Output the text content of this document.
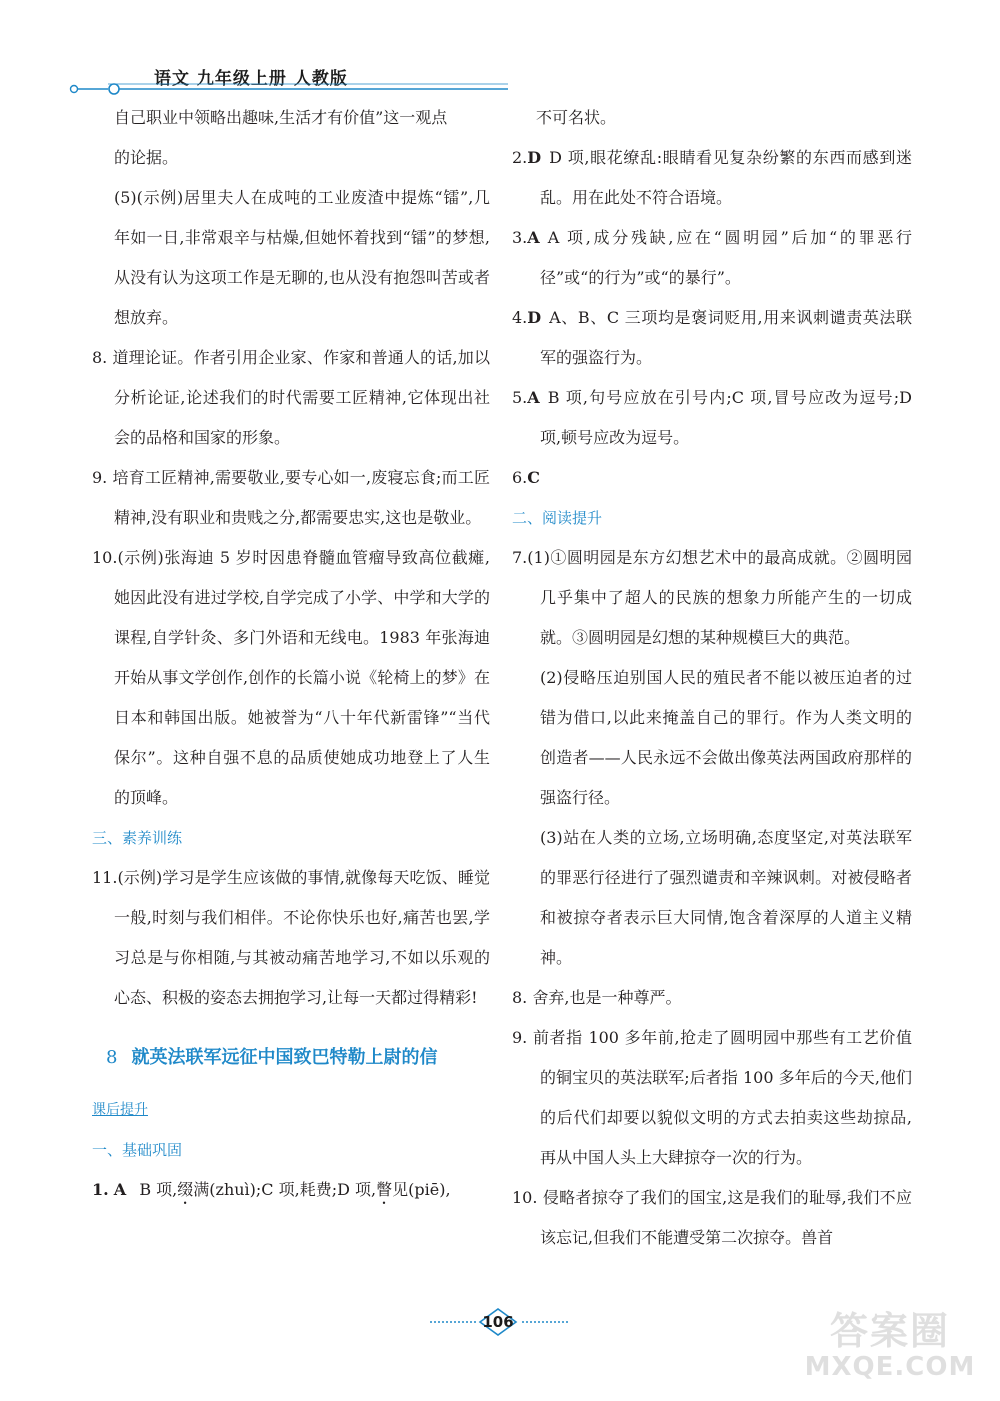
语文 九年级上册 人教版

自己职业中领略出趣味,生活才有价值”这一观点

的论据。

(5)(示例)居里夫人在成吨的工业废渣中提炼“镭”,几年如一日,非常艰辛与枯燥,但她怀着找到“镭”的梦想,从没有认为这项工作是无聊的,也从没有抱怨叫苦或者想放弃。

8. 道理论证。作者引用企业家、作家和普通人的话,加以分析论证,论述我们的时代需要工匠精神,它体现出社会的品格和国家的形象。

9. 培育工匠精神,需要敬业,要专心如一,废寝忘食;而工匠精神,没有职业和贵贱之分,都需要忠实,这也是敬业。

10.(示例)张海迪 5 岁时因患脊髓血管瘤导致高位截瘫,她因此没有进过学校,自学完成了小学、中学和大学的课程,自学针灸、多门外语和无线电。1983 年张海迪开始从事文学创作,创作的长篇小说《轮椅上的梦》在日本和韩国出版。她被誉为“八十年代新雷锋”“当代保尔”。这种自强不息的品质使她成功地登上了人生的顶峰。

三、素养训练

11.(示例)学习是学生应该做的事情,就像每天吃饭、睡觉一般,时刻与我们相伴。不论你快乐也好,痛苦也罢,学习总是与你相随,与其被动痛苦地学习,不如以乐观的心态、积极的姿态去拥抱学习,让每一天都过得精彩!

8 就英法联军远征中国致巴特勒上尉的信

课后提升

一、基础巩固

1. A B 项,缀满(zhuì);C 项,耗费;D 项,瞥见(piē),

不可名状。

2.D D 项,眼花缭乱:眼睛看见复杂纷繁的东西而感到迷乱。用在此处不符合语境。

3.A A 项,成分残缺,应在“圆明园”后加“的罪恶行径”或“的行为”或“的暴行”。

4.D A、B、C 三项均是褒词贬用,用来讽刺谴责英法联军的强盗行为。

5.A B 项,句号应放在引号内;C 项,冒号应改为逗号;D 项,顿号应改为逗号。

6.C

二、阅读提升

7.(1)①圆明园是东方幻想艺术中的最高成就。②圆明园几乎集中了超人的民族的想象力所能产生的一切成就。③圆明园是幻想的某种规模巨大的典范。

(2)侵略压迫别国人民的殖民者不能以被压迫者的过错为借口,以此来掩盖自己的罪行。作为人类文明的创造者——人民永远不会做出像英法两国政府那样的强盗行径。

(3)站在人类的立场,立场明确,态度坚定,对英法联军的罪恶行径进行了强烈谴责和辛辣讽刺。对被侵略者和被掠夺者表示巨大同情,饱含着深厚的人道主义精神。

8. 舍弃,也是一种尊严。

9. 前者指 100 多年前,抢走了圆明园中那些有工艺价值的铜宝贝的英法联军;后者指 100 多年后的今天,他们的后代们却要以貌似文明的方式去拍卖这些劫掠品,再从中国人头上大肆掠夺一次的行为。

10. 侵略者掠夺了我们的国宝,这是我们的耻辱,我们不应该忘记,但我们不能遭受第二次掠夺。兽首

106	答案圈
MXQE.COM
